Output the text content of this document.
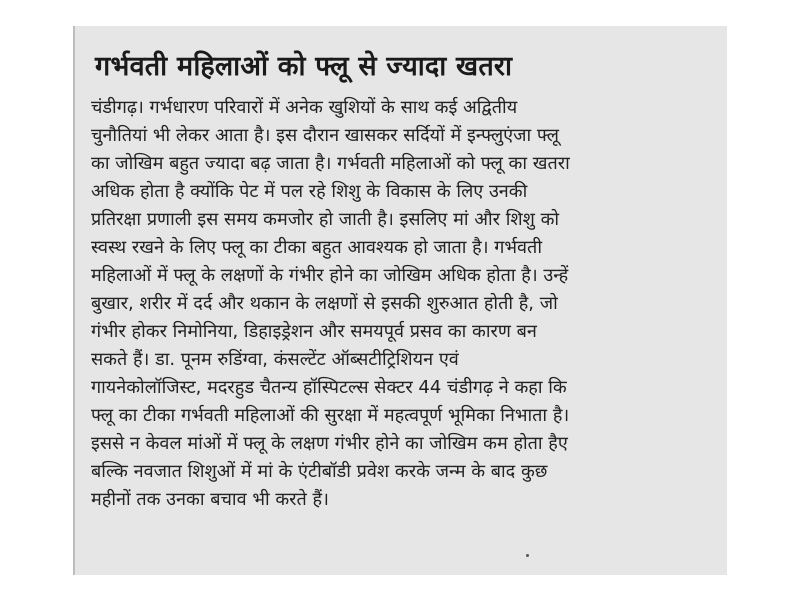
गर्भवती महिलाओं को फ्लू से ज्यादा खतरा
चंडीगढ़। गर्भधारण परिवारों में अनेक खुशियों के साथ कई अद्वितीय
चुनौतियां भी लेकर आता है। इस दौरान खासकर सर्दियों में इन्फ्लुएंजा फ्लू
का जोखिम बहुत ज्यादा बढ़ जाता है। गर्भवती महिलाओं को फ्लू का खतरा
अधिक होता है क्योंकि पेट में पल रहे शिशु के विकास के लिए उनकी
प्रतिरक्षा प्रणाली इस समय कमजोर हो जाती है। इसलिए मां और शिशु को
स्वस्थ रखने के लिए फ्लू का टीका बहुत आवश्यक हो जाता है। गर्भवती
महिलाओं में फ्लू के लक्षणों के गंभीर होने का जोखिम अधिक होता है। उन्हें
बुखार, शरीर में दर्द और थकान के लक्षणों से इसकी शुरुआत होती है, जो
गंभीर होकर निमोनिया, डिहाइड्रेशन और समयपूर्व प्रसव का कारण बन
सकते हैं। डा. पूनम रुडिंग्वा, कंसल्टेंट ऑब्सटीट्रिशियन एवं
गायनेकोलॉजिस्ट, मदरहुड चैतन्य हॉस्पिटल्स सेक्टर 44 चंडीगढ़ ने कहा कि
फ्लू का टीका गर्भवती महिलाओं की सुरक्षा में महत्वपूर्ण भूमिका निभाता है।
इससे न केवल मांओं में फ्लू के लक्षण गंभीर होने का जोखिम कम होता हैए
बल्कि नवजात शिशुओं में मां के एंटीबॉडी प्रवेश करके जन्म के बाद कुछ
महीनों तक उनका बचाव भी करते हैं।
